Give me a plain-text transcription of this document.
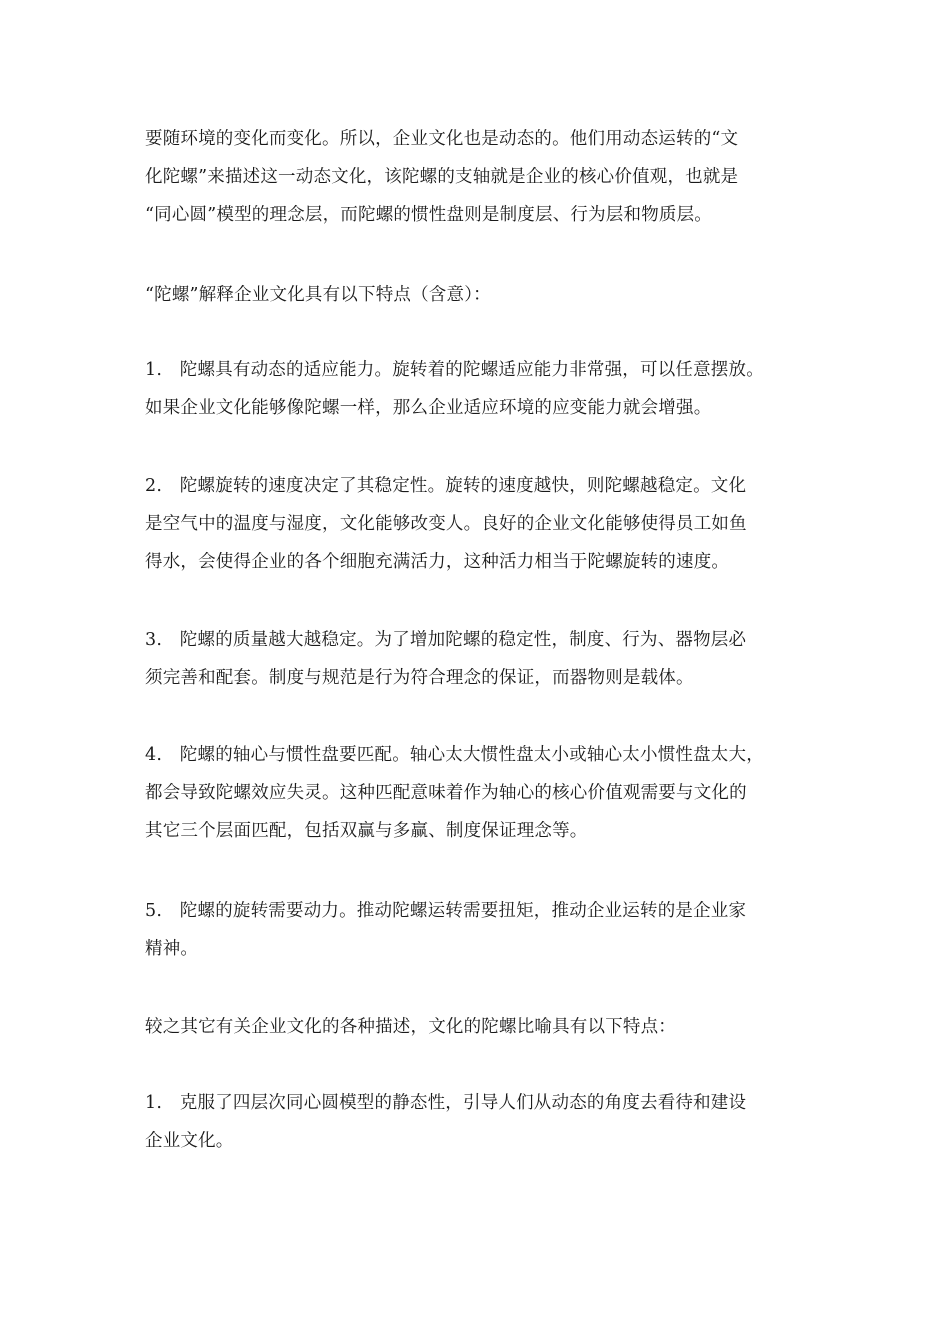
要随环境的变化而变化。所以，企业文化也是动态的。他们用动态运转的“文
化陀螺”来描述这一动态文化，该陀螺的支轴就是企业的核心价值观，也就是
“同心圆”模型的理念层，而陀螺的惯性盘则是制度层、行为层和物质层。

“陀螺”解释企业文化具有以下特点（含意）：

1.　陀螺具有动态的适应能力。旋转着的陀螺适应能力非常强，可以任意摆放。
如果企业文化能够像陀螺一样，那么企业适应环境的应变能力就会增强。

2.　陀螺旋转的速度决定了其稳定性。旋转的速度越快，则陀螺越稳定。文化
是空气中的温度与湿度，文化能够改变人。良好的企业文化能够使得员工如鱼
得水，会使得企业的各个细胞充满活力，这种活力相当于陀螺旋转的速度。

3.　陀螺的质量越大越稳定。为了增加陀螺的稳定性，制度、行为、器物层必
须完善和配套。制度与规范是行为符合理念的保证，而器物则是载体。

4.　陀螺的轴心与惯性盘要匹配。轴心太大惯性盘太小或轴心太小惯性盘太大，
都会导致陀螺效应失灵。这种匹配意味着作为轴心的核心价值观需要与文化的
其它三个层面匹配，包括双赢与多赢、制度保证理念等。

5.　陀螺的旋转需要动力。推动陀螺运转需要扭矩，推动企业运转的是企业家
精神。

较之其它有关企业文化的各种描述，文化的陀螺比喻具有以下特点：

1.　克服了四层次同心圆模型的静态性，引导人们从动态的角度去看待和建设
企业文化。
